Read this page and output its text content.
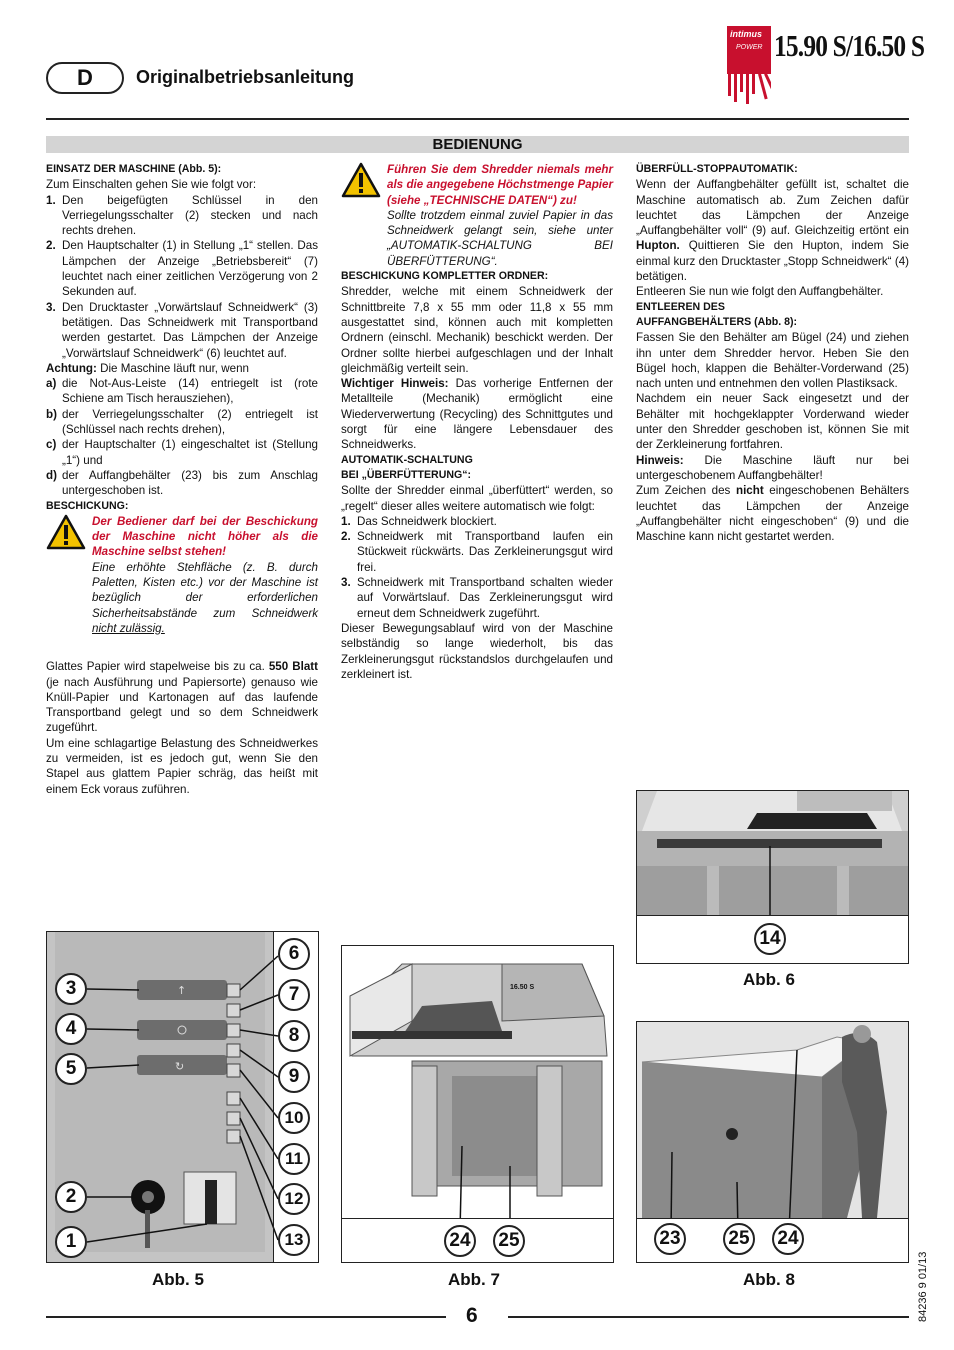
D Originalbetriebsanleitung
intimus
POWER 15.90 S/16.50 S
BEDIENUNG

EINSATZ DER MASCHINE (Abb. 5):

Zum Einschalten gehen Sie wie folgt vor:

1. Den beigefügten Schlüssel in den Verriegelungsschalter (2) stecken und nach rechts drehen.
2. Den Hauptschalter (1) in Stellung „1“ stellen. Das Lämpchen der Anzeige „Betriebsbereit“ (7) leuchtet nach einer zeitlichen Verzögerung von 2 Sekunden auf.
3. Den Drucktaster „Vorwärtslauf Schneidwerk“ (3) betätigen. Das Schneidwerk mit Transportband werden gestartet. Das Lämpchen der Anzeige „Vorwärtslauf Schneidwerk“ (6) leuchtet auf.

Achtung: Die Maschine läuft nur, wenn

a) die Not-Aus-Leiste (14) entriegelt ist (rote Schiene am Tisch herausziehen),
b) der Verriegelungsschalter (2) entriegelt ist (Schlüssel nach rechts drehen),
c) der Hauptschalter (1) eingeschaltet ist (Stellung „1“) und
d) der Auffangbehälter (23) bis zum Anschlag untergeschoben ist.

BESCHICKUNG:

Der Bediener darf bei der Beschickung der Maschine nicht höher als die Maschine selbst stehen!

Eine erhöhte Stehfläche (z. B. durch Paletten, Kisten etc.) vor der Maschine ist bezüglich der erforderlichen Sicherheitsabstände zum Schneidwerk nicht zulässig.

Glattes Papier wird stapelweise bis zu ca. 550 Blatt (je nach Ausführung und Papiersorte) genauso wie Knüll-Papier und Kartonagen auf das laufende Transportband gelegt und so dem Schneidwerk zugeführt.

Um eine schlagartige Belastung des Schneidwerkes zu vermeiden, ist es jedoch gut, wenn Sie den Stapel aus glattem Papier schräg, das heißt mit einem Eck voraus zuführen.

Führen Sie dem Shredder niemals mehr als die angegebene Höchstmenge Papier (siehe „TECHNISCHE DATEN“) zu!

Sollte trotzdem einmal zuviel Papier in das Schneidwerk gelangt sein, siehe unter „AUTOMATIK-SCHALTUNG BEI ÜBERFÜTTERUNG“.

BESCHICKUNG KOMPLETTER ORDNER:

Shredder, welche mit einem Schneidwerk der Schnittbreite 7,8 x 55 mm oder 11,8 x 55 mm ausgestattet sind, können auch mit kompletten Ordnern (einschl. Mechanik) beschickt werden. Der Ordner sollte hierbei aufgeschlagen und der Inhalt gleichmäßig verteilt sein.

Wichtiger Hinweis: Das vorherige Entfernen der Metallteile (Mechanik) ermöglicht eine Wiederverwertung (Recycling) des Schnittgutes und sorgt für eine längere Lebensdauer des Schneidwerks.

AUTOMATIK-SCHALTUNG

BEI „ÜBERFÜTTERUNG“:

Sollte der Shredder einmal „überfüttert“ werden, so „regelt“ dieser alles weitere automatisch wie folgt:

1. Das Schneidwerk blockiert.
2. Schneidwerk mit Transportband laufen ein Stückweit rückwärts. Das Zerkleinerungsgut wird frei.
3. Schneidwerk mit Transportband schalten wieder auf Vorwärtslauf. Das Zerkleinerungsgut wird erneut dem Schneidwerk zugeführt.

Dieser Bewegungsablauf wird von der Maschine selbständig so lange wiederholt, bis das Zerkleinerungsgut rückstandslos durchgelaufen und zerkleinert ist.

ÜBERFÜLL-STOPPAUTOMATIK:

Wenn der Auffangbehälter gefüllt ist, schaltet die Maschine automatisch ab. Zum Zeichen dafür leuchtet das Lämpchen der Anzeige „Auffangbehälter voll“ (9) auf. Gleichzeitig ertönt ein Hupton. Quittieren Sie den Hupton, indem Sie einmal kurz den Drucktaster „Stopp Schneidwerk“ (4) betätigen.

Entleeren Sie nun wie folgt den Auffangbehälter.

ENTLEEREN DES

AUFFANGBEHÄLTERS (Abb. 8):

Fassen Sie den Behälter am Bügel (24) und ziehen ihn unter dem Shredder hervor. Heben Sie den Bügel hoch, klappen die Behälter-Vorderwand (25) nach unten und entnehmen den vollen Plastiksack.

Nachdem ein neuer Sack eingesetzt und der Behälter mit hochgeklappter Vorderwand wieder unter den Shredder geschoben ist, können Sie mit der Zerkleinerung fortfahren.

Hinweis: Die Maschine läuft nur bei untergeschobenem Auffangbehälter!

Zum Zeichen des nicht eingeschobenen Behälters leuchtet das Lämpchen der Anzeige „Auffangbehälter nicht eingeschoben“ (9) und die Maschine kann nicht gestartet werden.

14
Abb. 6
↑
↻
3
4
5
2
1
6
7
8
9
10
11
12
13
Abb. 5
16.50 S
24 25
Abb. 7
23	25 24
Abb. 8	84236 9 01/13
6
